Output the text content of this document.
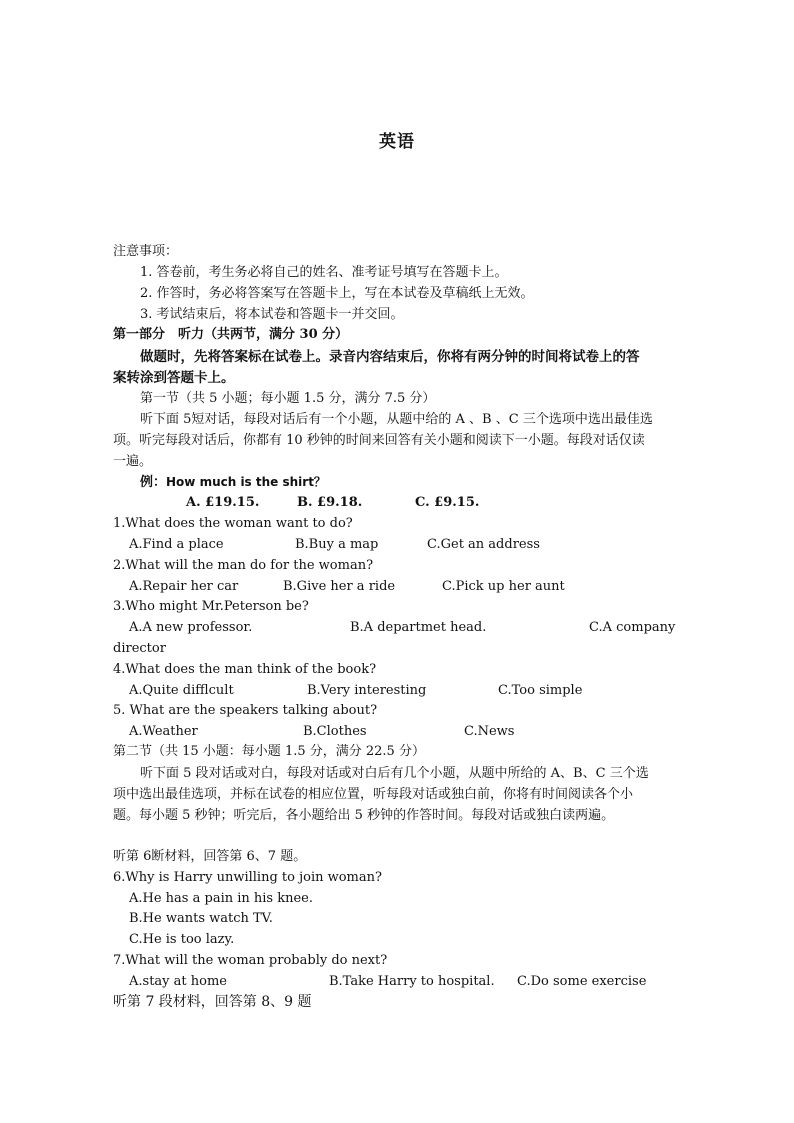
英语
注意事项：
1. 答卷前，考生务必将自己的姓名、准考证号填写在答题卡上。
2. 作答时，务必将答案写在答题卡上，写在本试卷及草稿纸上无效。
3. 考试结束后，将本试卷和答题卡一并交回。
第一部分　听力（共两节，满分 30 分）
做题时，先将答案标在试卷上。录音内容结束后，你将有两分钟的时间将试卷上的答
案转涂到答题卡上。
第一节（共 5 小题；每小题 1.5 分，满分 7.5 分）
听下面 5短对话，每段对话后有一个小题，从题中给的 A 、B 、C 三个选项中选出最佳选
项。听完每段对话后，你都有 10 秒钟的时间来回答有关小题和阅读下一小题。每段对话仅读
一遍。
例：How much is the shirt？
A. £19.15.	B. £9.18.	C. £9.15.
1.What does the woman want to do?
A.Find a place	B.Buy a map	C.Get an address
2.What will the man do for the woman?
A.Repair her car	B.Give her a ride	C.Pick up her aunt
3.Who might Mr.Peterson be?
A.A new professor.	B.A departmet head.	C.A company
director
4.What does the man think of the book?
A.Quite difflcult	B.Very interesting	C.Too simple
5. What are the speakers talking about?
A.Weather	B.Clothes	C.News
第二节（共 15 小题：每小题 1.5 分，满分 22.5 分）
听下面 5 段对话或对白，每段对话或对白后有几个小题，从题中所给的 A、B、C 三个选
项中选出最佳选项，并标在试卷的相应位置，听每段对话或独白前，你将有时间阅读各个小
题。每小题 5 秒钟；听完后，各小题给出 5 秒钟的作答时间。每段对话或独白读两遍。
听第 6断材料，回答第 6、7 题。
6.Why is Harry unwilling to join woman?
A.He has a pain in his knee.
B.He wants watch TV.
C.He is too lazy.
7.What will the woman probably do next?
A.stay at home	B.Take Harry to hospital. C.Do some exercise
听第 7 段材料，回答第 8、9 题
